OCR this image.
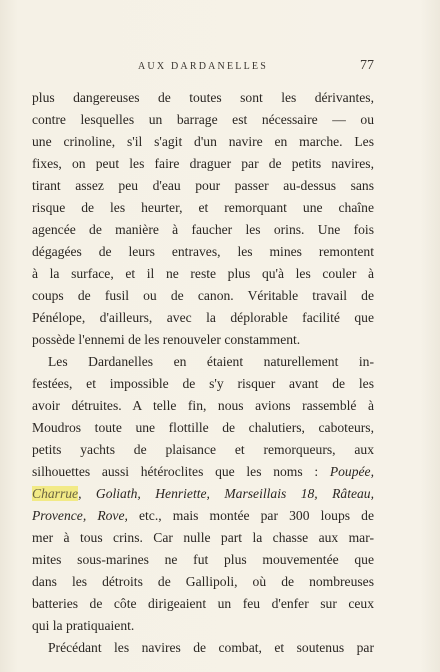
AUX DARDANELLES	77
plus dangereuses de toutes sont les dérivantes,
contre lesquelles un barrage est nécessaire — ou
une crinoline, s'il s'agit d'un navire en marche. Les
fixes, on peut les faire draguer par de petits navires,
tirant assez peu d'eau pour passer au-dessus sans
risque de les heurter, et remorquant une chaîne
agencée de manière à faucher les orins. Une fois
dégagées de leurs entraves, les mines remontent
à la surface, et il ne reste plus qu'à les couler à
coups de fusil ou de canon. Véritable travail de
Pénélope, d'ailleurs, avec la déplorable facilité que
possède l'ennemi de les renouveler constamment.
Les Dardanelles en étaient naturellement in-
festées, et impossible de s'y risquer avant de les
avoir détruites. A telle fin, nous avions rassemblé à
Moudros toute une flottille de chalutiers, caboteurs,
petits yachts de plaisance et remorqueurs, aux
silhouettes aussi hétéroclites que les noms : Poupée,
Charrue, Goliath, Henriette, Marseillais 18, Râteau,
Provence, Rove, etc., mais montée par 300 loups de
mer à tous crins. Car nulle part la chasse aux mar-
mites sous-marines ne fut plus mouvementée que
dans les détroits de Gallipoli, où de nombreuses
batteries de côte dirigeaient un feu d'enfer sur ceux
qui la pratiquaient.
Précédant les navires de combat, et soutenus par
